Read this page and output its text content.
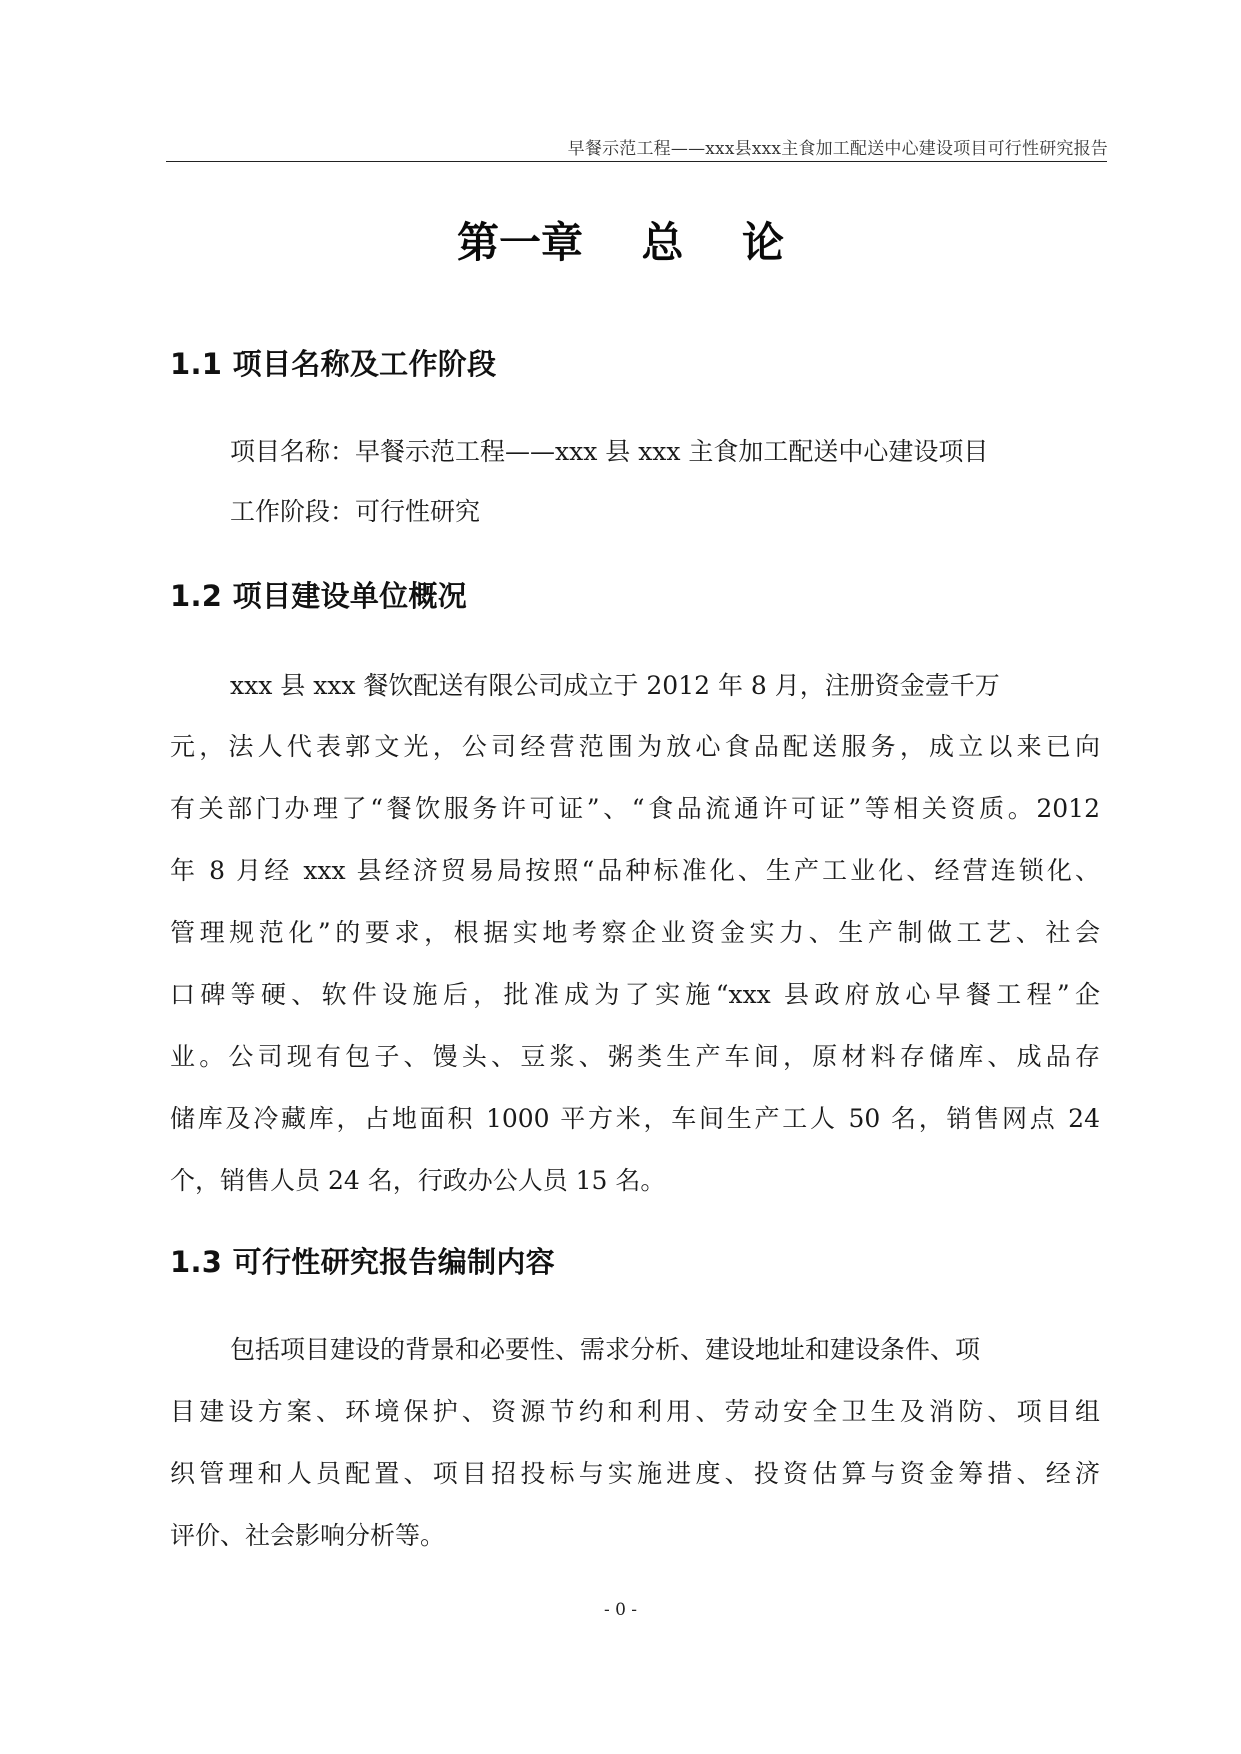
早餐示范工程——xxx县xxx主食加工配送中心建设项目可行性研究报告
第一章    总    论
1.1 项目名称及工作阶段
项目名称：早餐示范工程——xxx 县 xxx 主食加工配送中心建设项目
工作阶段：可行性研究
1.2 项目建设单位概况
xxx 县 xxx 餐饮配送有限公司成立于 2012 年 8 月，注册资金壹千万
元，法人代表郭文光，公司经营范围为放心食品配送服务，成立以来已向
有关部门办理了“餐饮服务许可证”、“食品流通许可证”等相关资质。2012
年 8 月经 xxx 县经济贸易局按照“品种标准化、生产工业化、经营连锁化、
管理规范化”的要求，根据实地考察企业资金实力、生产制做工艺、社会
口碑等硬、软件设施后，批准成为了实施“xxx 县政府放心早餐工程”企
业。公司现有包子、馒头、豆浆、粥类生产车间，原材料存储库、成品存
储库及冷藏库，占地面积 1000 平方米，车间生产工人 50 名，销售网点 24
个，销售人员 24 名，行政办公人员 15 名。
1.3 可行性研究报告编制内容
包括项目建设的背景和必要性、需求分析、建设地址和建设条件、项
目建设方案、环境保护、资源节约和利用、劳动安全卫生及消防、项目组
织管理和人员配置、项目招投标与实施进度、投资估算与资金筹措、经济
评价、社会影响分析等。
- 0 -
